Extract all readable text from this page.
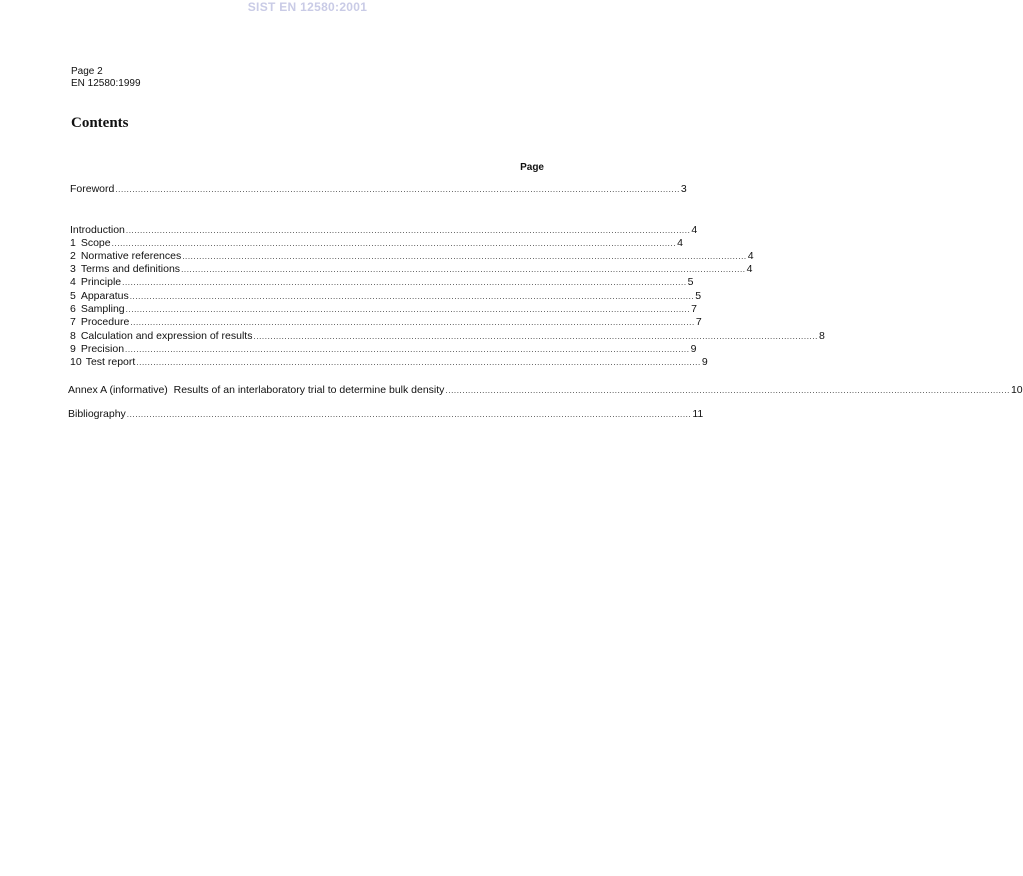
SIST EN 12580:2001
Page 2
EN 12580:1999
Contents
Page
Foreword ........................................................................................................................................................................................................ 3
Introduction ........................................................................................................................................................................................................ 4
1 Scope ........................................................................................................................................................................................................ 4
2 Normative references ........................................................................................................................................................................................................ 4
3 Terms and definitions ........................................................................................................................................................................................................ 4
4 Principle ........................................................................................................................................................................................................ 5
5 Apparatus ........................................................................................................................................................................................................ 5
6 Sampling ........................................................................................................................................................................................................ 7
7 Procedure ........................................................................................................................................................................................................ 7
8 Calculation and expression of results ........................................................................................................................................................................................................ 8
9 Precision ........................................................................................................................................................................................................ 9
10 Test report ........................................................................................................................................................................................................ 9
Annex A (informative)  Results of an interlaboratory trial to determine bulk density ........................................................................................................................................................................................................ 10
Bibliography ........................................................................................................................................................................................................ 11
